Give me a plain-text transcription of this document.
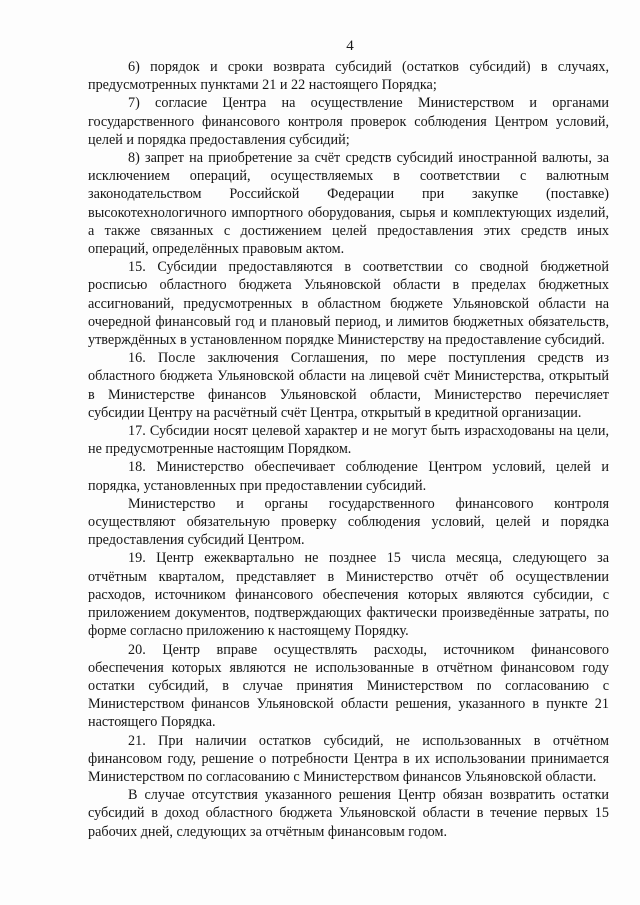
4

6) порядок и сроки возврата субсидий (остатков субсидий) в случаях, предусмотренных пунктами 21 и 22 настоящего Порядка;

7) согласие Центра на осуществление Министерством и органами государственного финансового контроля проверок соблюдения Центром условий, целей и порядка предоставления субсидий;

8) запрет на приобретение за счёт средств субсидий иностранной валюты, за исключением операций, осуществляемых в соответствии с валютным законодательством Российской Федерации при закупке (поставке) высокотехнологичного импортного оборудования, сырья и комплектующих изделий, а также связанных с достижением целей предоставления этих средств иных операций, определённых правовым актом.

15. Субсидии предоставляются в соответствии со сводной бюджетной росписью областного бюджета Ульяновской области в пределах бюджетных ассигнований, предусмотренных в областном бюджете Ульяновской области на очередной финансовый год и плановый период, и лимитов бюджетных обязательств, утверждённых в установленном порядке Министерству на предоставление субсидий.

16. После заключения Соглашения, по мере поступления средств из областного бюджета Ульяновской области на лицевой счёт Министерства, открытый в Министерстве финансов Ульяновской области, Министерство перечисляет субсидии Центру на расчётный счёт Центра, открытый в кредитной организации.

17. Субсидии носят целевой характер и не могут быть израсходованы на цели, не предусмотренные настоящим Порядком.

18. Министерство обеспечивает соблюдение Центром условий, целей и порядка, установленных при предоставлении субсидий.

Министерство и органы государственного финансового контроля осуществляют обязательную проверку соблюдения условий, целей и порядка предоставления субсидий Центром.

19. Центр ежеквартально не позднее 15 числа месяца, следующего за отчётным кварталом, представляет в Министерство отчёт об осуществлении расходов, источником финансового обеспечения которых являются субсидии, с приложением документов, подтверждающих фактически произведённые затраты, по форме согласно приложению к настоящему Порядку.

20. Центр вправе осуществлять расходы, источником финансового обеспечения которых являются не использованные в отчётном финансовом году остатки субсидий, в случае принятия Министерством по согласованию с Министерством финансов Ульяновской области решения, указанного в пункте 21 настоящего Порядка.

21. При наличии остатков субсидий, не использованных в отчётном финансовом году, решение о потребности Центра в их использовании принимается Министерством по согласованию с Министерством финансов Ульяновской области.

В случае отсутствия указанного решения Центр обязан возвратить остатки субсидий в доход областного бюджета Ульяновской области в течение первых 15 рабочих дней, следующих за отчётным финансовым годом.
